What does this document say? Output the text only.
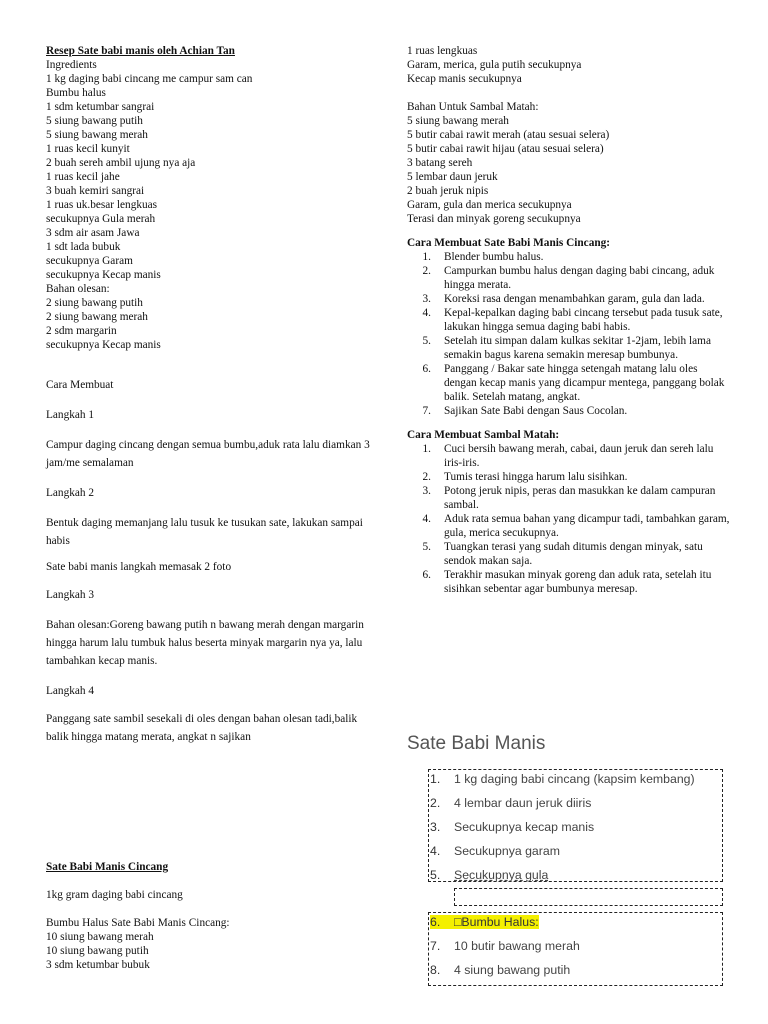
Resep Sate babi manis oleh Achian Tan
Ingredients
1 kg daging babi cincang me campur sam can
Bumbu halus
1 sdm ketumbar sangrai
5 siung bawang putih
5 siung bawang merah
1 ruas kecil kunyit
2 buah sereh ambil ujung nya aja
1 ruas kecil jahe
3 buah kemiri sangrai
1 ruas uk.besar lengkuas
secukupnya Gula merah
3 sdm air asam Jawa
1 sdt lada bubuk
secukupnya Garam
secukupnya Kecap manis
Bahan olesan:
2 siung bawang putih
2 siung bawang merah
2 sdm margarin
secukupnya Kecap manis
Cara Membuat
Langkah 1
Campur daging cincang dengan semua bumbu,aduk rata lalu diamkan 3 jam/me semalaman
Langkah 2
Bentuk daging memanjang lalu tusuk ke tusukan sate, lakukan sampai habis
Sate babi manis langkah memasak 2 foto
Langkah 3
Bahan olesan:Goreng bawang putih n bawang merah dengan margarin hingga harum lalu tumbuk halus beserta minyak margarin nya ya, lalu tambahkan kecap manis.
Langkah 4
Panggang sate sambil sesekali di oles dengan bahan olesan tadi,balik balik hingga matang merata, angkat n sajikan
Sate Babi Manis Cincang
1kg gram daging babi cincang
Bumbu Halus Sate Babi Manis Cincang:
10 siung bawang merah
10 siung bawang putih
3 sdm ketumbar bubuk
1 ruas lengkuas
Garam, merica, gula putih secukupnya
Kecap manis secukupnya
Bahan Untuk Sambal Matah:
5 siung bawang merah
5 butir cabai rawit merah (atau sesuai selera)
5 butir cabai rawit hijau (atau sesuai selera)
3 batang sereh
5 lembar daun jeruk
2 buah jeruk nipis
Garam, gula dan merica secukupnya
Terasi dan minyak goreng secukupnya
Cara Membuat Sate Babi Manis Cincang:
1.	Blender bumbu halus.
2.	Campurkan bumbu halus dengan daging babi cincang, aduk hingga merata.
3.	Koreksi rasa dengan menambahkan garam, gula dan lada.
4.	Kepal-kepalkan daging babi cincang tersebut pada tusuk sate, lakukan hingga semua daging babi habis.
5.	Setelah itu simpan dalam kulkas sekitar 1-2jam, lebih lama semakin bagus karena semakin meresap bumbunya.
6.	Panggang / Bakar sate hingga setengah matang lalu oles dengan kecap manis yang dicampur mentega, panggang bolak balik. Setelah matang, angkat.
7.	Sajikan Sate Babi dengan Saus Cocolan.
Cara Membuat Sambal Matah:
1.	Cuci bersih bawang merah, cabai, daun jeruk dan sereh lalu iris-iris.
2.	Tumis terasi hingga harum lalu sisihkan.
3.	Potong jeruk nipis, peras dan masukkan ke dalam campuran sambal.
4.	Aduk rata semua bahan yang dicampur tadi, tambahkan garam, gula, merica secukupnya.
5.	Tuangkan terasi yang sudah ditumis dengan minyak, satu sendok makan saja.
6.	Terakhir masukan minyak goreng dan aduk rata, setelah itu sisihkan sebentar agar bumbunya meresap.
Sate Babi Manis
1. 1 kg daging babi cincang (kapsim kembang)
2. 4 lembar daun jeruk diiris
3. Secukupnya kecap manis
4. Secukupnya garam
5. Secukupnya gula
6. □Bumbu Halus:
7. 10 butir bawang merah
8. 4 siung bawang putih
